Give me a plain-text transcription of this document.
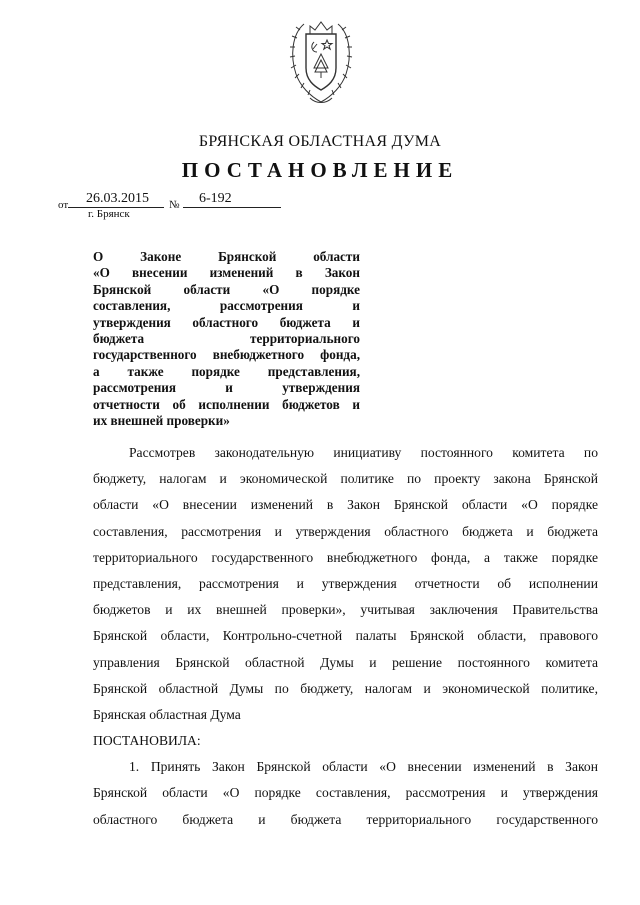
БРЯНСКАЯ ОБЛАСТНАЯ ДУМА
ПОСТАНОВЛЕНИЕ
от 26.03.2015 № 6-192
г. Брянск
О Законе Брянской области
«О внесении изменений в Закон
Брянской области «О порядке
составления, рассмотрения и
утверждения областного бюджета и
бюджета территориального
государственного внебюджетного фонда,
а также порядке представления,
рассмотрения и утверждения
отчетности об исполнении бюджетов и
их внешней проверки»
Рассмотрев законодательную инициативу постоянного комитета по
бюджету, налогам и экономической политике по проекту закона Брянской
области «О внесении изменений в Закон Брянской области «О порядке
составления, рассмотрения и утверждения областного бюджета и бюджета
территориального государственного внебюджетного фонда, а также порядке
представления, рассмотрения и утверждения отчетности об исполнении
бюджетов и их внешней проверки», учитывая заключения Правительства
Брянской области, Контрольно-счетной палаты Брянской области, правового
управления Брянской областной Думы и решение постоянного комитета
Брянской областной Думы по бюджету, налогам и экономической политике,
Брянская областная Дума
ПОСТАНОВИЛА:
1. Принять Закон Брянской области «О внесении изменений в Закон
Брянской области «О порядке составления, рассмотрения и утверждения
областного бюджета и бюджета территориального государственного
